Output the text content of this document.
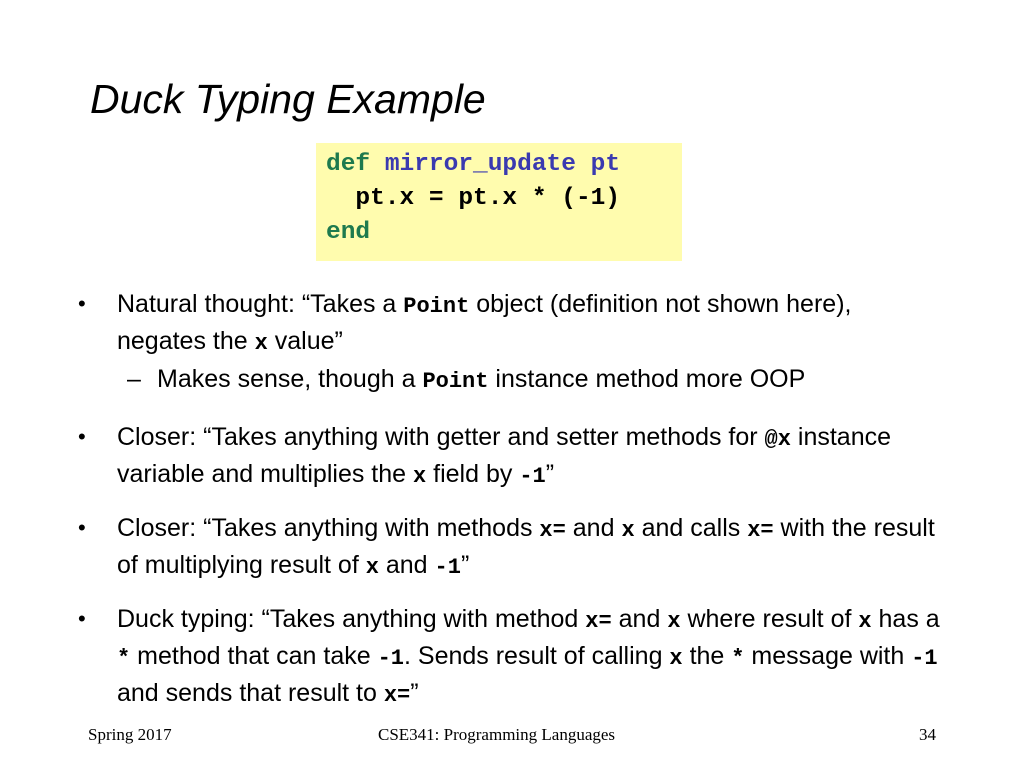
Duck Typing Example
def mirror_update pt
pt.x = pt.x * (-1)
end
•	Natural thought: “Takes a Point object (definition not shown here), negates the x value”
– Makes sense, though a Point instance method more OOP
•	Closer: “Takes anything with getter and setter methods for @x instance variable and multiplies the x field by -1”
•	Closer: “Takes anything with methods x= and x and calls x= with the result of multiplying result of x and -1”
•	Duck typing: “Takes anything with method x= and x where result of x has a * method that can take -1. Sends result of calling x the * message with -1 and sends that result to x=”
Spring 2017	CSE341: Programming Languages	34
